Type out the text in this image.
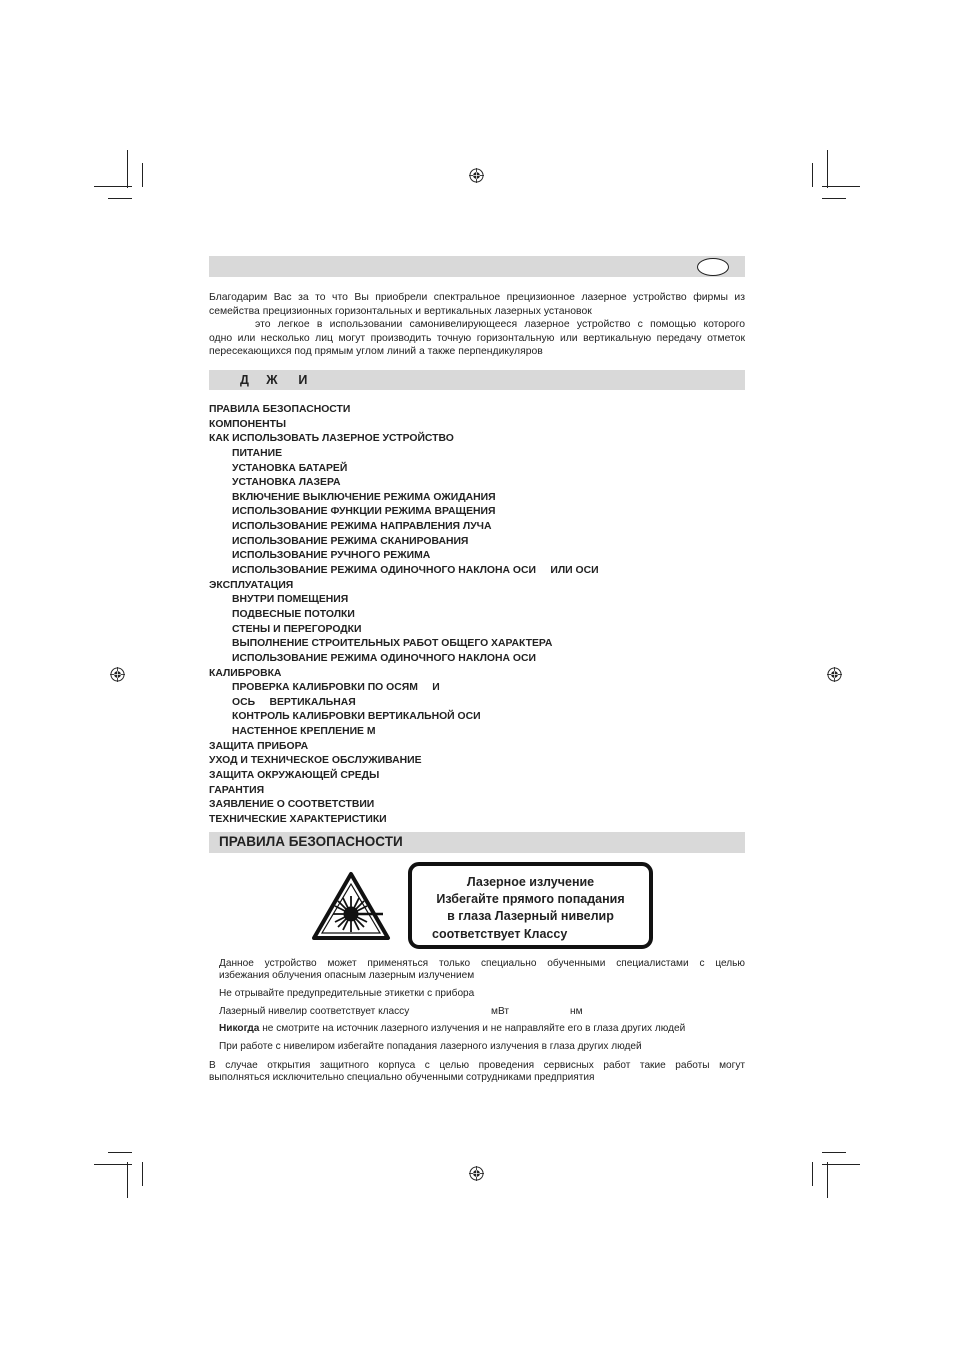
Благодарим Вас за то что Вы приобрели спектральное прецизионное лазерное устройство фирмы из
семейства прецизионных горизонтальных и вертикальных лазерных установок
это легкое в использовании самонивелирующееся лазерное устройство с помощью которого
одно или несколько лиц могут производить точную горизонтальную или вертикальную передачу отметок
пересекающихся под прямым углом линий а также перпендикуляров
Д     Ж      И
ПРАВИЛА БЕЗОПАСНОСТИ
КОМПОНЕНТЫ
КАК ИСПОЛЬЗОВАТЬ ЛАЗЕРНОЕ УСТРОЙСТВО
ПИТАНИЕ
УСТАНОВКА БАТАРЕЙ
УСТАНОВКА ЛАЗЕРА
ВКЛЮЧЕНИЕ ВЫКЛЮЧЕНИЕ РЕЖИМА ОЖИДАНИЯ
ИСПОЛЬЗОВАНИЕ ФУНКЦИИ РЕЖИМА ВРАЩЕНИЯ
ИСПОЛЬЗОВАНИЕ РЕЖИМА НАПРАВЛЕНИЯ ЛУЧА
ИСПОЛЬЗОВАНИЕ РЕЖИМА СКАНИРОВАНИЯ
ИСПОЛЬЗОВАНИЕ РУЧНОГО РЕЖИМА
ИСПОЛЬЗОВАНИЕ РЕЖИМА ОДИНОЧНОГО НАКЛОНА ОСИ     ИЛИ ОСИ
ЭКСПЛУАТАЦИЯ
ВНУТРИ ПОМЕЩЕНИЯ
ПОДВЕСНЫЕ ПОТОЛКИ
СТЕНЫ И ПЕРЕГОРОДКИ
ВЫПОЛНЕНИЕ СТРОИТЕЛЬНЫХ РАБОТ ОБЩЕГО ХАРАКТЕРА
ИСПОЛЬЗОВАНИЕ РЕЖИМА ОДИНОЧНОГО НАКЛОНА ОСИ
КАЛИБРОВКА
ПРОВЕРКА КАЛИБРОВКИ ПО ОСЯМ     И
ОСЬ     ВЕРТИКАЛЬНАЯ
КОНТРОЛЬ КАЛИБРОВКИ ВЕРТИКАЛЬНОЙ ОСИ
НАСТЕННОЕ КРЕПЛЕНИЕ М
ЗАЩИТА ПРИБОРА
УХОД И ТЕХНИЧЕСКОЕ ОБСЛУЖИВАНИЕ
ЗАЩИТА ОКРУЖАЮЩЕЙ СРЕДЫ
ГАРАНТИЯ
ЗАЯВЛЕНИЕ О СООТВЕТСТВИИ
ТЕХНИЧЕСКИЕ ХАРАКТЕРИСТИКИ
ПРАВИЛА БЕЗОПАСНОСТИ
Лазерное излучение
Избегайте прямого попадания
в глаза Лазерный нивелир
соответствует Классу
Данное устройство может применяться только специально обученными специалистами с целью
избежания облучения опасным лазерным излучением
Не отрывайте предупредительные этикетки с прибора
Лазерный нивелир соответствует классу	мВт	нм
Никогда не смотрите на источник лазерного излучения и не направляйте его в глаза других людей
При работе с нивелиром избегайте попадания лазерного излучения в глаза других людей
В случае открытия защитного корпуса с целью проведения сервисных работ такие работы могут
выполняться исключительно специально обученными сотрудниками предприятия
